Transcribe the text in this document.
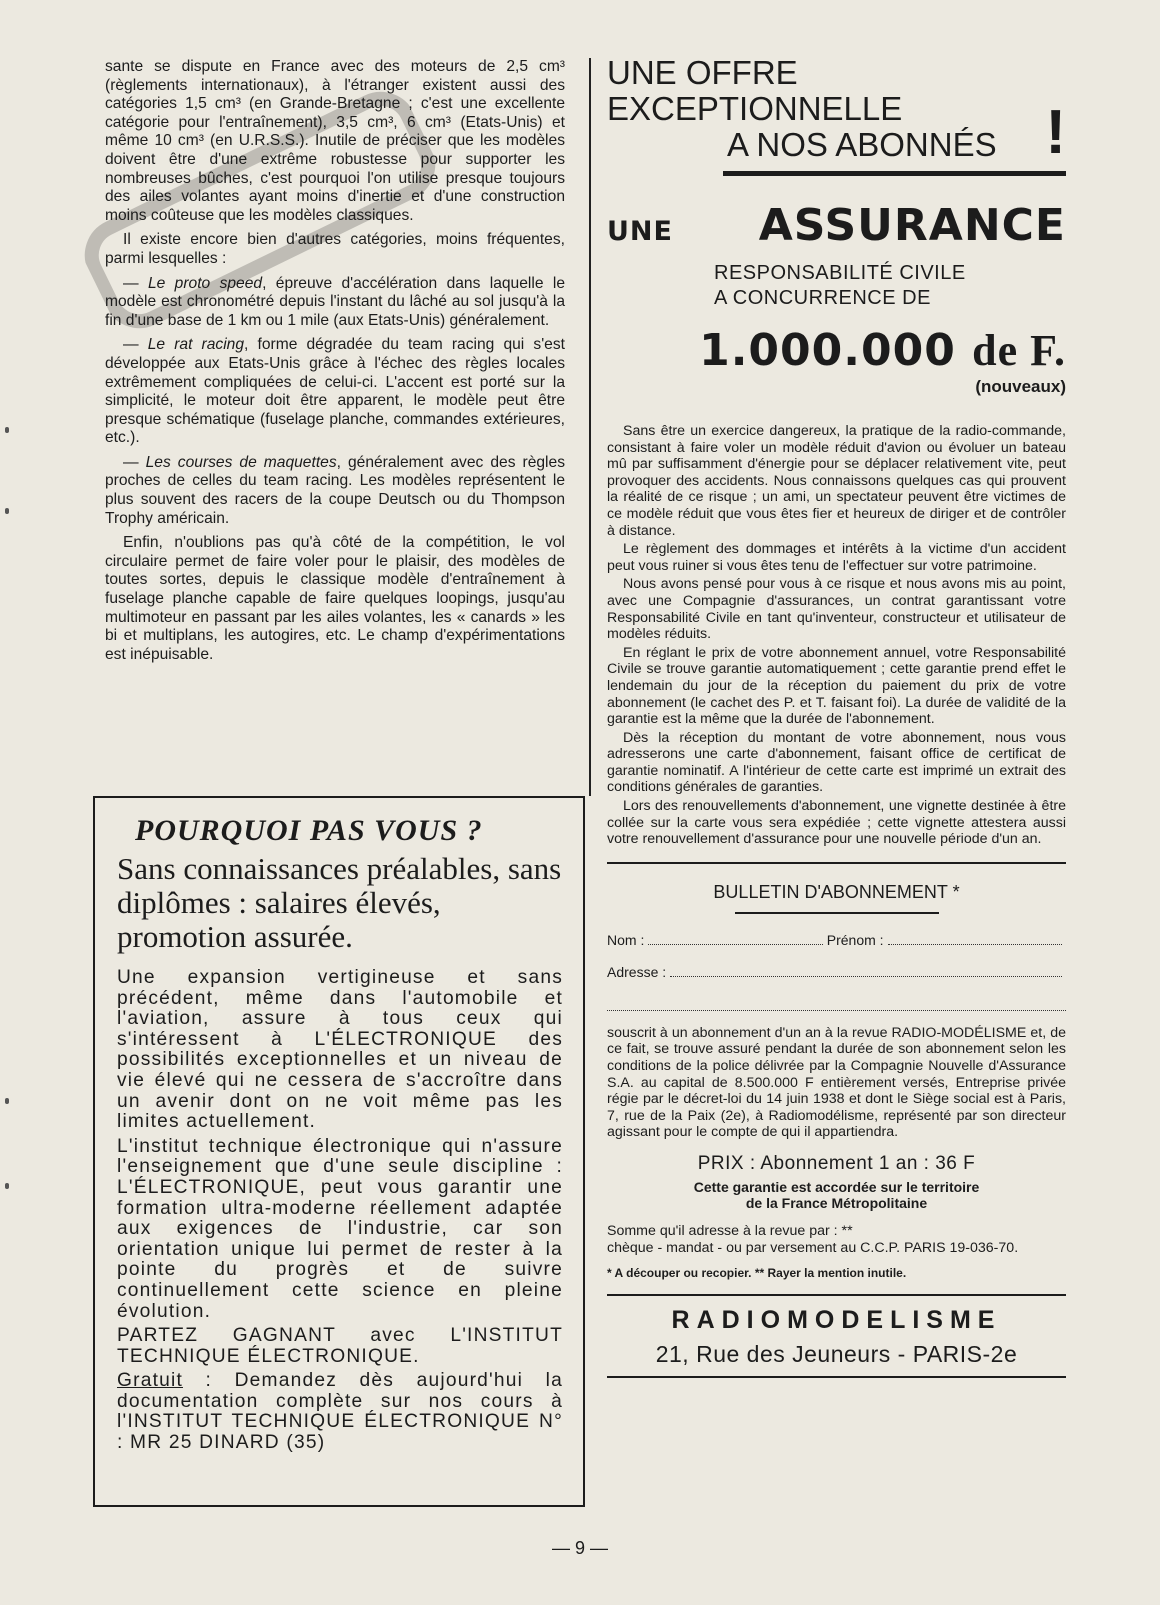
sante se dispute en France avec des moteurs de 2,5 cm³ (règlements internationaux), à l'étranger existent aussi des catégories 1,5 cm³ (en Grande-Bretagne ; c'est une excellente catégorie pour l'entraînement), 3,5 cm³, 6 cm³ (Etats-Unis) et même 10 cm³ (en U.R.S.S.). Inutile de préciser que les modèles doivent être d'une extrême robustesse pour supporter les nombreuses bûches, c'est pourquoi l'on utilise presque toujours des ailes volantes ayant moins d'inertie et d'une construction moins coûteuse que les modèles classiques.

Il existe encore bien d'autres catégories, moins fréquentes, parmi lesquelles :

— Le proto speed, épreuve d'accélération dans laquelle le modèle est chronométré depuis l'instant du lâché au sol jusqu'à la fin d'une base de 1 km ou 1 mile (aux Etats-Unis) généralement.

— Le rat racing, forme dégradée du team racing qui s'est développée aux Etats-Unis grâce à l'échec des règles locales extrêmement compliquées de celui-ci. L'accent est porté sur la simplicité, le moteur doit être apparent, le modèle peut être presque schématique (fuselage planche, commandes extérieures, etc.).

— Les courses de maquettes, généralement avec des règles proches de celles du team racing. Les modèles représentent le plus souvent des racers de la coupe Deutsch ou du Thompson Trophy américain.

Enfin, n'oublions pas qu'à côté de la compétition, le vol circulaire permet de faire voler pour le plaisir, des modèles de toutes sortes, depuis le classique modèle d'entraînement à fuselage planche capable de faire quelques loopings, jusqu'au multimoteur en passant par les ailes volantes, les « canards » les bi et multiplans, les autogires, etc. Le champ d'expérimentations est inépuisable.

POURQUOI PAS VOUS ?
Sans connaissances préalables, sans diplômes : salaires élevés, promotion assurée.

Une expansion vertigineuse et sans précédent, même dans l'automobile et l'aviation, assure à tous ceux qui s'intéressent à L'ÉLECTRONIQUE des possibilités exceptionnelles et un niveau de vie élevé qui ne cessera de s'accroître dans un avenir dont on ne voit même pas les limites actuellement.

L'institut technique électronique qui n'assure l'enseignement que d'une seule discipline : L'ÉLECTRONIQUE, peut vous garantir une formation ultra-moderne réellement adaptée aux exigences de l'industrie, car son orientation unique lui permet de rester à la pointe du progrès et de suivre continuellement cette science en pleine évolution.

PARTEZ GAGNANT avec L'INSTITUT TECHNIQUE ÉLECTRONIQUE.

Gratuit : Demandez dès aujourd'hui la documentation complète sur nos cours à l'INSTITUT TECHNIQUE ÉLECTRONIQUE N° : MR 25 DINARD (35)

UNE OFFRE
EXCEPTIONNELLE
A NOS ABONNÉS !
UNE ASSURANCE
RESPONSABILITÉ CIVILE
A CONCURRENCE DE
1.000.000 de F.
(nouveaux)

Sans être un exercice dangereux, la pratique de la radio-commande, consistant à faire voler un modèle réduit d'avion ou évoluer un bateau mû par suffisamment d'énergie pour se déplacer relativement vite, peut provoquer des accidents. Nous connaissons quelques cas qui prouvent la réalité de ce risque ; un ami, un spectateur peuvent être victimes de ce modèle réduit que vous êtes fier et heureux de diriger et de contrôler à distance.

Le règlement des dommages et intérêts à la victime d'un accident peut vous ruiner si vous êtes tenu de l'effectuer sur votre patrimoine.

Nous avons pensé pour vous à ce risque et nous avons mis au point, avec une Compagnie d'assurances, un contrat garantissant votre Responsabilité Civile en tant qu'inventeur, constructeur et utilisateur de modèles réduits.

En réglant le prix de votre abonnement annuel, votre Responsabilité Civile se trouve garantie automatiquement ; cette garantie prend effet le lendemain du jour de la réception du paiement du prix de votre abonnement (le cachet des P. et T. faisant foi). La durée de validité de la garantie est la même que la durée de l'abonnement.

Dès la réception du montant de votre abonnement, nous vous adresserons une carte d'abonnement, faisant office de certificat de garantie nominatif. A l'intérieur de cette carte est imprimé un extrait des conditions générales de garanties.

Lors des renouvellements d'abonnement, une vignette destinée à être collée sur la carte vous sera expédiée ; cette vignette attestera aussi votre renouvellement d'assurance pour une nouvelle période d'un an.

BULLETIN D'ABONNEMENT *
Nom :	Prénom :
Adresse :

souscrit à un abonnement d'un an à la revue RADIO-MODÉLISME et, de ce fait, se trouve assuré pendant la durée de son abonnement selon les conditions de la police délivrée par la Compagnie Nouvelle d'Assurance S.A. au capital de 8.500.000 F entièrement versés, Entreprise privée régie par le décret-loi du 14 juin 1938 et dont le Siège social est à Paris, 7, rue de la Paix (2e), à Radiomodélisme, représenté par son directeur agissant pour le compte de qui il appartiendra.

PRIX : Abonnement 1 an : 36 F
Cette garantie est accordée sur le territoire
de la France Métropolitaine

Somme qu'il adresse à la revue par : **
chèque - mandat - ou par versement au C.C.P. PARIS 19-036-70.

* A découper ou recopier. ** Rayer la mention inutile.
RADIOMODELISME
21, Rue des Jeuneurs - PARIS-2e
— 9 —
